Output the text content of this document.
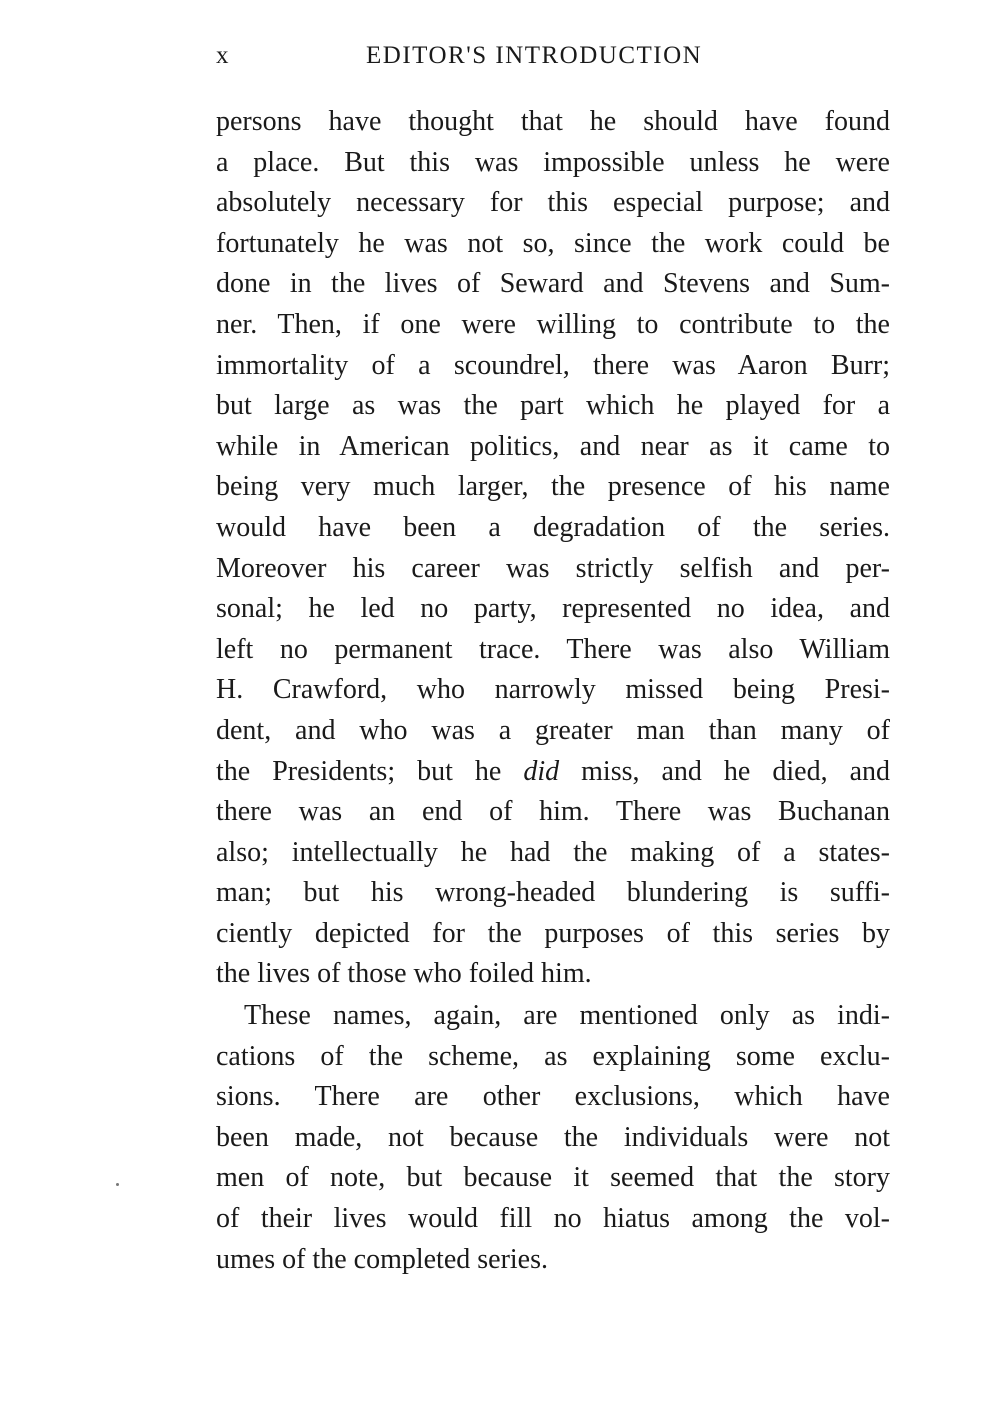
x	EDITOR'S INTRODUCTION
persons have thought that he should have found
a place. But this was impossible unless he were
absolutely necessary for this especial purpose; and
fortunately he was not so, since the work could be
done in the lives of Seward and Stevens and Sum-
ner. Then, if one were willing to contribute to the
immortality of a scoundrel, there was Aaron Burr;
but large as was the part which he played for a
while in American politics, and near as it came to
being very much larger, the presence of his name
would have been a degradation of the series.
Moreover his career was strictly selfish and per-
sonal; he led no party, represented no idea, and
left no permanent trace. There was also William
H. Crawford, who narrowly missed being Presi-
dent, and who was a greater man than many of
the Presidents; but he did miss, and he died, and
there was an end of him. There was Buchanan
also; intellectually he had the making of a states-
man; but his wrong-headed blundering is suffi-
ciently depicted for the purposes of this series by
the lives of those who foiled him.
These names, again, are mentioned only as indi-
cations of the scheme, as explaining some exclu-
sions. There are other exclusions, which have
been made, not because the individuals were not
men of note, but because it seemed that the story
of their lives would fill no hiatus among the vol-
umes of the completed series.
